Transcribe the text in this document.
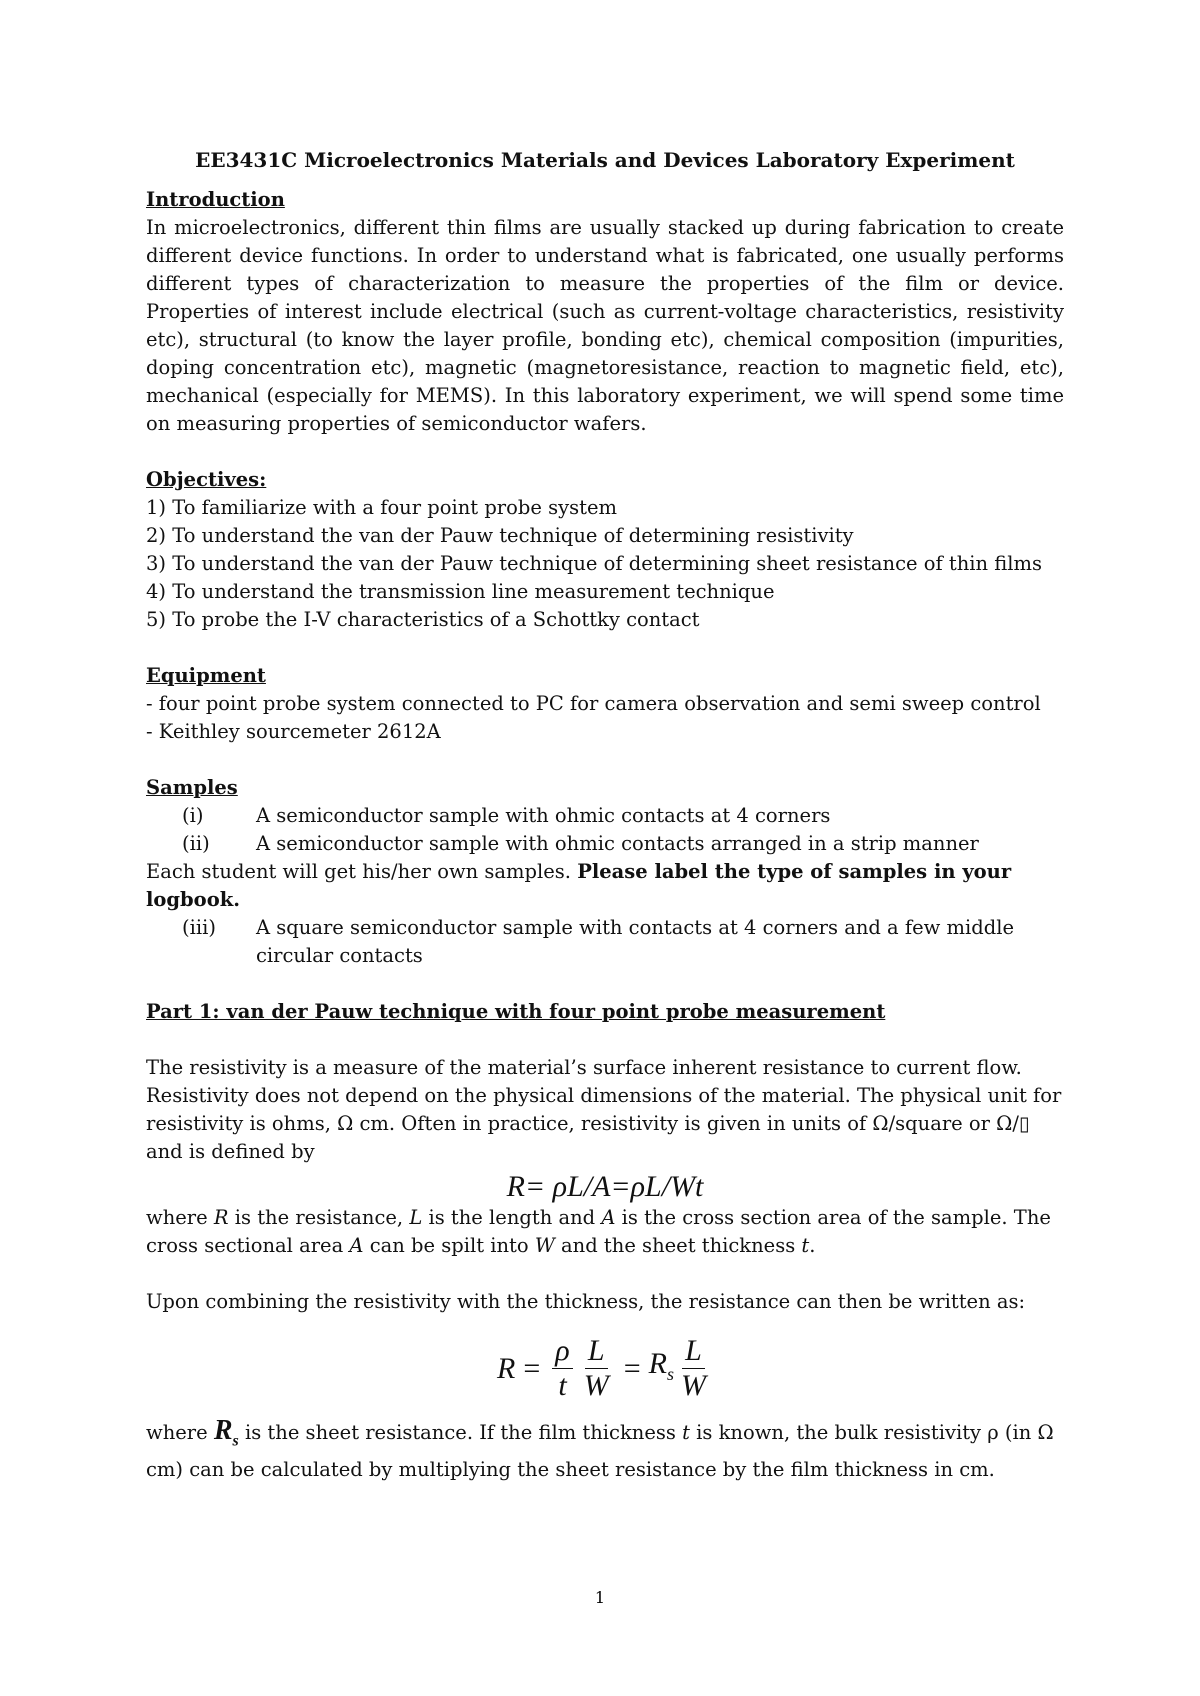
EE3431C Microelectronics Materials and Devices Laboratory Experiment

Introduction

In microelectronics, different thin films are usually stacked up during fabrication to create different device functions. In order to understand what is fabricated, one usually performs different types of characterization to measure the properties of the film or device. Properties of interest include electrical (such as current-voltage characteristics, resistivity etc), structural (to know the layer profile, bonding etc), chemical composition (impurities, doping concentration etc), magnetic (magnetoresistance, reaction to magnetic field, etc), mechanical (especially for MEMS). In this laboratory experiment, we will spend some time on measuring properties of semiconductor wafers.

Objectives:

1) To familiarize with a four point probe system
2) To understand the van der Pauw technique of determining resistivity
3) To understand the van der Pauw technique of determining sheet resistance of thin films
4) To understand the transmission line measurement technique
5) To probe the I-V characteristics of a Schottky contact

Equipment

- four point probe system connected to PC for camera observation and semi sweep control
- Keithley sourcemeter 2612A

Samples

(i)	A semiconductor sample with ohmic contacts at 4 corners
(ii)	A semiconductor sample with ohmic contacts arranged in a strip manner

Each student will get his/her own samples. Please label the type of samples in your logbook.

(iii)	A square semiconductor sample with contacts at 4 corners and a few middle circular contacts

Part 1: van der Pauw technique with four point probe measurement

The resistivity is a measure of the material’s surface inherent resistance to current flow. Resistivity does not depend on the physical dimensions of the material. The physical unit for resistivity is ohms, Ω cm. Often in practice, resistivity is given in units of Ω/square or Ω/▯ and is defined by

R= ρL/A=ρL/Wt

where R is the resistance, L is the length and A is the cross section area of the sample. The cross sectional area A can be spilt into W and the sheet thickness t.

Upon combining the resistivity with the thickness, the resistance can then be written as:

$R = \frac{\rho}{t} \frac{L}{W} = R_s \frac{L}{W}$

where $R_s$ is the sheet resistance. If the film thickness t is known, the bulk resistivity ρ (in Ω cm) can be calculated by multiplying the sheet resistance by the film thickness in cm.

1
